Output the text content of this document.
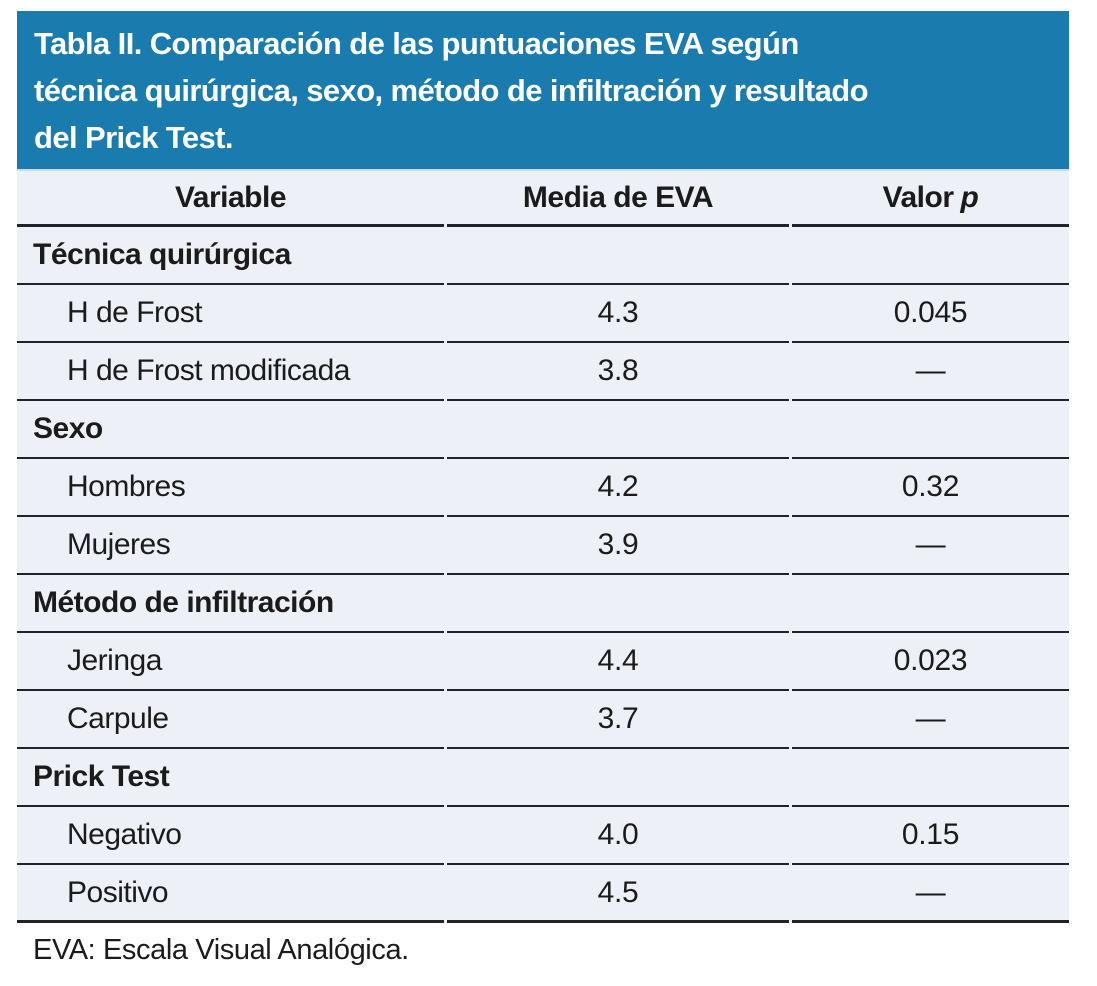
Tabla II. Comparación de las puntuaciones EVA según
técnica quirúrgica, sexo, método de infiltración y resultado
del Prick Test.
Variable	Media de EVA	Valor p
Técnica quirúrgica
H de Frost	4.3	0.045
H de Frost modificada	3.8	—
Sexo
Hombres	4.2	0.32
Mujeres	3.9	—
Método de infiltración
Jeringa	4.4	0.023
Carpule	3.7	—
Prick Test
Negativo	4.0	0.15
Positivo	4.5	—
EVA: Escala Visual Analógica.
